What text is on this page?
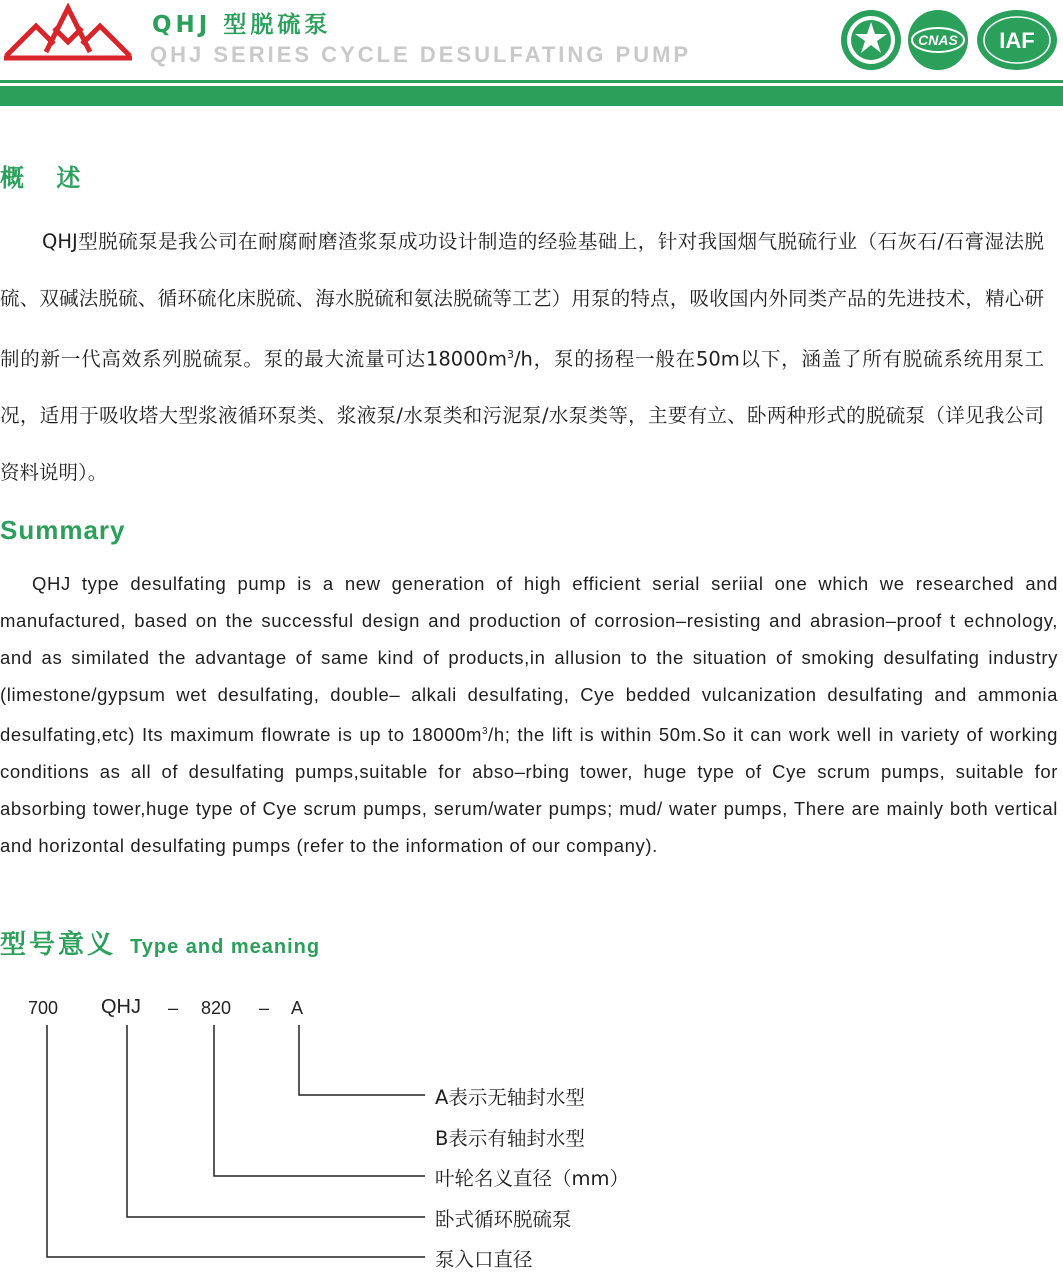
QHJ 型脱硫泵
QHJ SERIES CYCLE DESULFATING PUMP
CNAS IAF
概 述

QHJ型脱硫泵是我公司在耐腐耐磨渣浆泵成功设计制造的经验基础上，针对我国烟气脱硫行业（石灰石/石膏湿法脱硫、双碱法脱硫、循环硫化床脱硫、海水脱硫和氨法脱硫等工艺）用泵的特点，吸收国内外同类产品的先进技术，精心研制的新一代高效系列脱硫泵。泵的最大流量可达$18000m^3/h$，泵的扬程一般在50m以下，涵盖了所有脱硫系统用泵工况，适用于吸收塔大型浆液循环泵类、浆液泵/水泵类和污泥泵/水泵类等，主要有立、卧两种形式的脱硫泵（详见我公司资料说明）。

Summary

QHJ type desulfating pump is a new generation of high efficient serial seriial one which we researched and manufactured, based on the successful design and production of corrosion–resisting and abrasion–proof t echnology, and as similated the advantage of same kind of products,in allusion to the situation of smoking desulfating industry (limestone/gypsum wet desulfating, double– alkali desulfating, Cye bedded vulcanization desulfating and ammonia desulfating,etc) Its maximum flowrate is up to $18000m^3/h$; the lift is within 50m.So it can work well in variety of working conditions as all of desulfating pumps,suitable for abso–rbing tower, huge type of Cye scrum pumps, suitable for absorbing tower,huge type of Cye scrum pumps, serum/water pumps; mud/ water pumps, There are mainly both vertical and horizontal desulfating pumps (refer to the information of our company).

型号意义 Type and meaning
700 QHJ – 820 – A
A表示无轴封水型
B表示有轴封水型
叶轮名义直径（mm）
卧式循环脱硫泵
泵入口直径
